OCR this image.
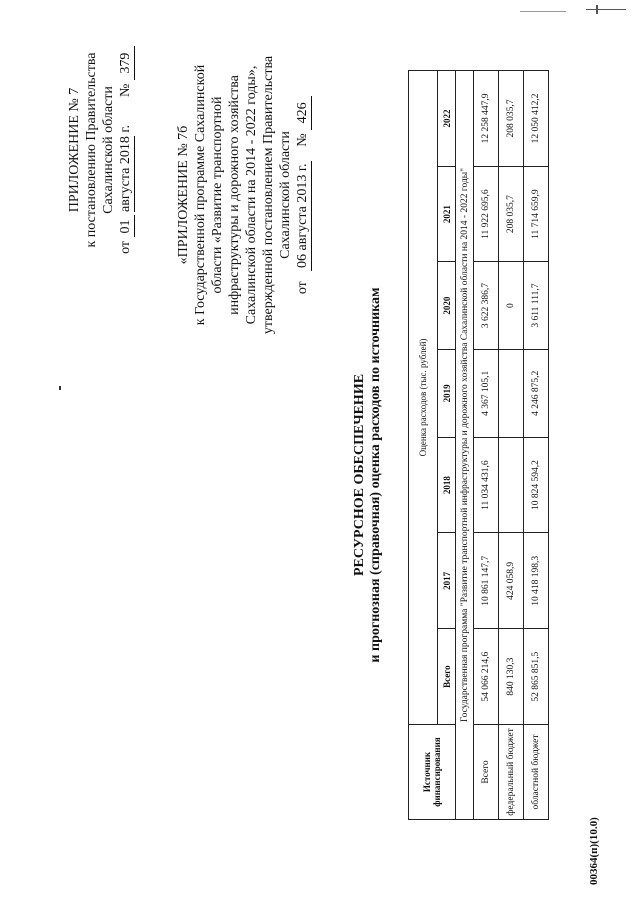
ПРИЛОЖЕНИЕ № 7 к постановлению Правительства Сахалинской области
от 01 августа 2018 г.        № 379
«ПРИЛОЖЕНИЕ № 7б к Государственной программе Сахалинской области «Развитие транспортной инфраструктуры и дорожного хозяйства Сахалинской области на 2014 - 2022 годы», утвержденной постановлением Правительства Сахалинской области
от   06 августа 2013 г.    № 426
РЕСУРСНОЕ ОБЕСПЕЧЕНИЕ и прогнозная (справочная) оценка расходов по источникам
Источник финансирования	Оценка расходов (тыс. рублей)						
	Всего	2017	2018	2019	2020	2021	2022
Государственная программа "Развитие транспортной инфраструктуры и дорожного хозяйства Сахалинской области на 2014 - 2022 годы"							
Всего	54 066 214,6	10 861 147,7	11 034 431,6	4 367 105,1	3 622 386,7	11 922 695,6	12 258 447,9
федеральный бюджет	840 130,3	424 058,9			0	208 035,7	208 035,7
областной бюджет	52 865 851,5	10 418 198,3	10 824 594,2	4 246 875,2	3 611 111,7	11 714 659,9	12 050 412,2
00364(п)(10.0)
